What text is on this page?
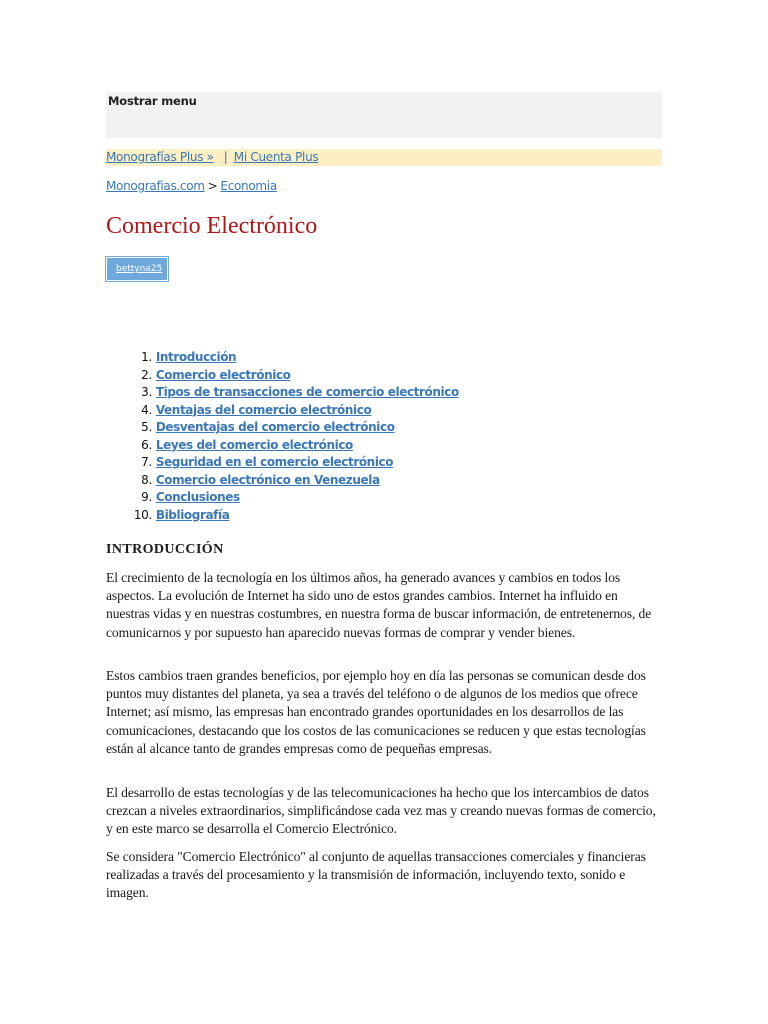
Mostrar menu
Monografías Plus » | Mi Cuenta Plus
Monografias.com > Economia
Comercio Electrónico
bettyna25
1. Introducción
2. Comercio electrónico
3. Tipos de transacciones de comercio electrónico
4. Ventajas del comercio electrónico
5. Desventajas del comercio electrónico
6. Leyes del comercio electrónico
7. Seguridad en el comercio electrónico
8. Comercio electrónico en Venezuela
9. Conclusiones
10. Bibliografía
INTRODUCCIÓN

El crecimiento de la tecnología en los últimos años, ha generado avances y cambios en todos los aspectos. La evolución de Internet ha sido uno de estos grandes cambios. Internet ha influido en nuestras vidas y en nuestras costumbres, en nuestra forma de buscar información, de entretenernos, de comunicarnos y por supuesto han aparecido nuevas formas de comprar y vender bienes.

Estos cambios traen grandes beneficios, por ejemplo hoy en día las personas se comunican desde dos puntos muy distantes del planeta, ya sea a través del teléfono o de algunos de los medios que ofrece Internet; así mismo, las empresas han encontrado grandes oportunidades en los desarrollos de las comunicaciones, destacando que los costos de las comunicaciones se reducen y que estas tecnologías están al alcance tanto de grandes empresas como de pequeñas empresas.

El desarrollo de estas tecnologías y de las telecomunicaciones ha hecho que los intercambios de datos crezcan a niveles extraordinarios, simplificándose cada vez mas y creando nuevas formas de comercio, y en este marco se desarrolla el Comercio Electrónico.

Se considera "Comercio Electrónico" al conjunto de aquellas transacciones comerciales y financieras realizadas a través del procesamiento y la transmisión de información, incluyendo texto, sonido e imagen.
